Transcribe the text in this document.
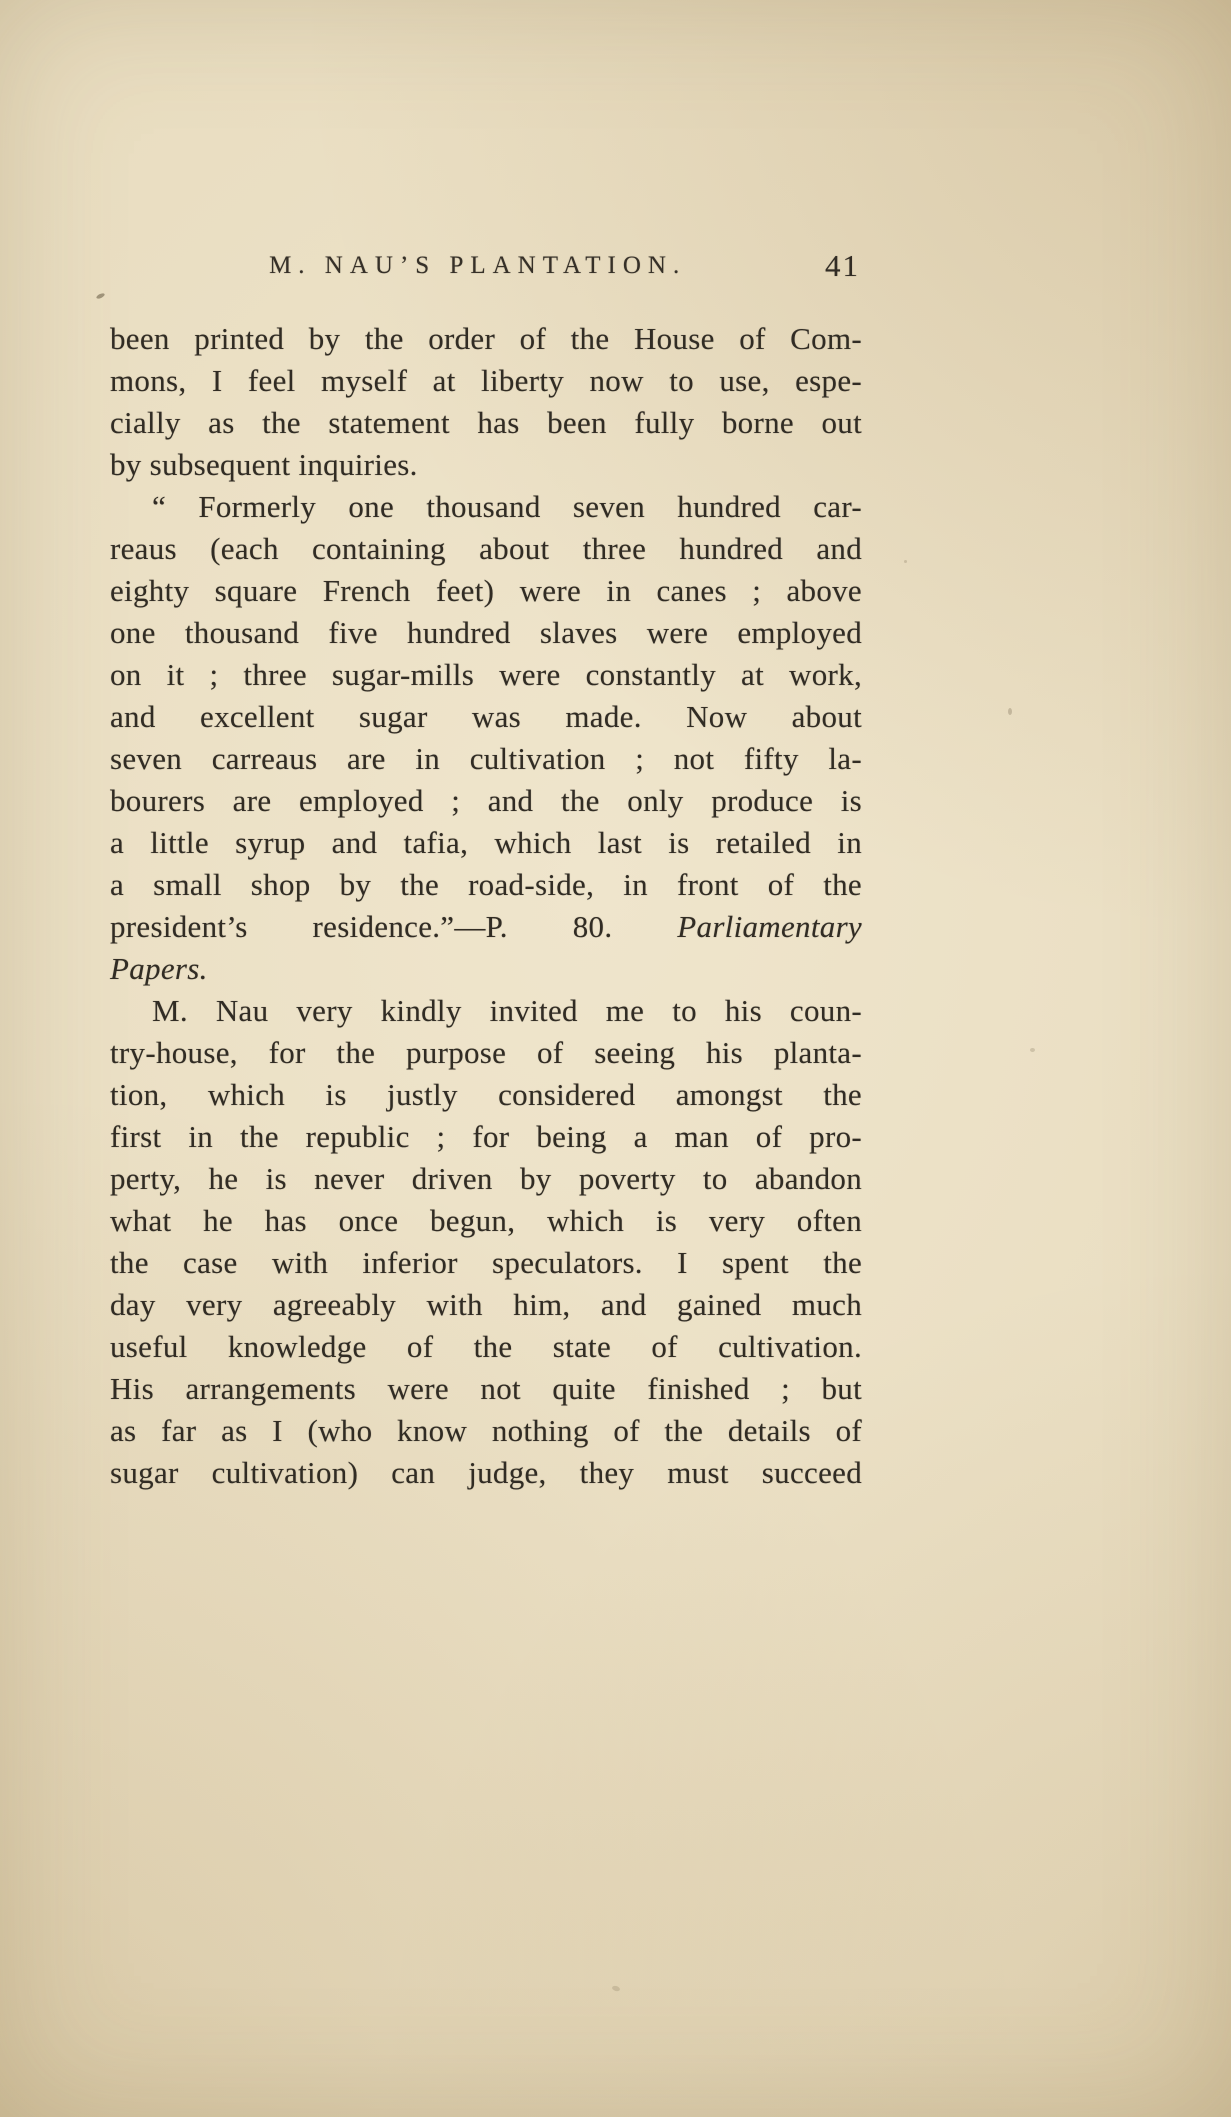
M. NAU’S PLANTATION.	41
been printed by the order of the House of Com-
mons, I feel myself at liberty now to use, espe-
cially as the statement has been fully borne out
by subsequent inquiries.
“ Formerly one thousand seven hundred car-
reaus (each containing about three hundred and
eighty square French feet) were in canes ; above
one thousand five hundred slaves were employed
on it ; three sugar-mills were constantly at work,
and excellent sugar was made. Now about
seven carreaus are in cultivation ; not fifty la-
bourers are employed ; and the only produce is
a little syrup and tafia, which last is retailed in
a small shop by the road-side, in front of the
president’s residence.”—P. 80. Parliamentary
Papers.
M. Nau very kindly invited me to his coun-
try-house, for the purpose of seeing his planta-
tion, which is justly considered amongst the
first in the republic ; for being a man of pro-
perty, he is never driven by poverty to abandon
what he has once begun, which is very often
the case with inferior speculators. I spent the
day very agreeably with him, and gained much
useful knowledge of the state of cultivation.
His arrangements were not quite finished ; but
as far as I (who know nothing of the details of
sugar cultivation) can judge, they must succeed
